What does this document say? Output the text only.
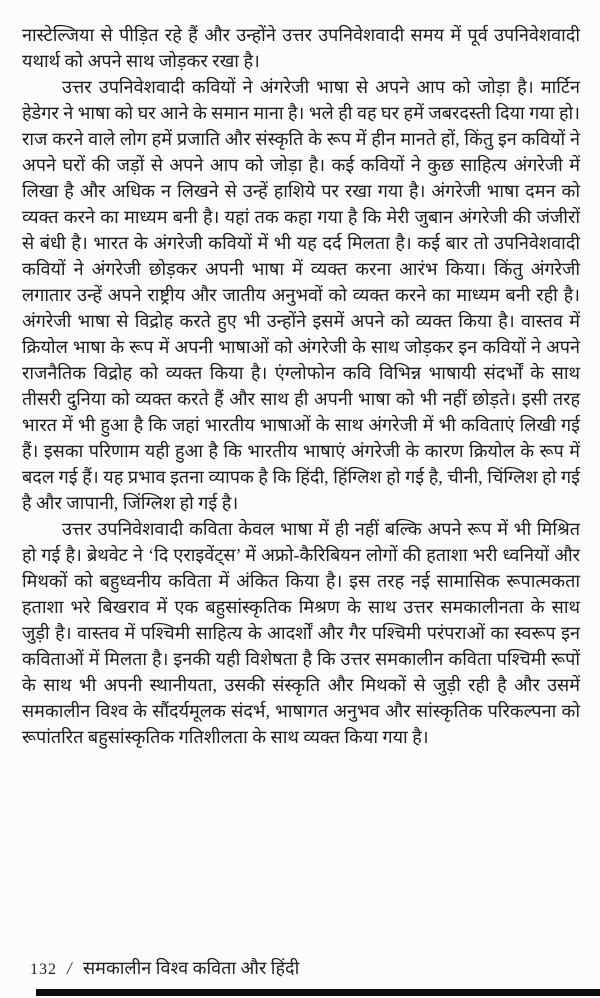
नास्टेल्जिया से पीड़ित रहे हैं और उन्होंने उत्तर उपनिवेशवादी समय में पूर्व उपनिवेशवादी यथार्थ को अपने साथ जोड़कर रखा है।

उत्तर उपनिवेशवादी कवियों ने अंगरेजी भाषा से अपने आप को जोड़ा है। मार्टिन हेडेगर ने भाषा को घर आने के समान माना है। भले ही वह घर हमें जबरदस्ती दिया गया हो। राज करने वाले लोग हमें प्रजाति और संस्कृति के रूप में हीन मानते हों, किंतु इन कवियों ने अपने घरों की जड़ों से अपने आप को जोड़ा है। कई कवियों ने कुछ साहित्य अंगरेजी में लिखा है और अधिक न लिखने से उन्हें हाशिये पर रखा गया है। अंगरेजी भाषा दमन को व्यक्त करने का माध्यम बनी है। यहां तक कहा गया है कि मेरी जुबान अंगरेजी की जंजीरों से बंधी है। भारत के अंगरेजी कवियों में भी यह दर्द मिलता है। कई बार तो उपनिवेशवादी कवियों ने अंगरेजी छोड़कर अपनी भाषा में व्यक्त करना आरंभ किया। किंतु अंगरेजी लगातार उन्हें अपने राष्ट्रीय और जातीय अनुभवों को व्यक्त करने का माध्यम बनी रही है। अंगरेजी भाषा से विद्रोह करते हुए भी उन्होंने इसमें अपने को व्यक्त किया है। वास्तव में क्रियोल भाषा के रूप में अपनी भाषाओं को अंगरेजी के साथ जोड़कर इन कवियों ने अपने राजनैतिक विद्रोह को व्यक्त किया है। एंग्लोफोन कवि विभिन्न भाषायी संदर्भों के साथ तीसरी दुनिया को व्यक्त करते हैं और साथ ही अपनी भाषा को भी नहीं छोड़ते। इसी तरह भारत में भी हुआ है कि जहां भारतीय भाषाओं के साथ अंगरेजी में भी कविताएं लिखी गई हैं। इसका परिणाम यही हुआ है कि भारतीय भाषाएं अंगरेजी के कारण क्रियोल के रूप में बदल गई हैं। यह प्रभाव इतना व्यापक है कि हिंदी, हिंग्लिश हो गई है, चीनी, चिंग्लिश हो गई है और जापानी, जिंग्लिश हो गई है।

उत्तर उपनिवेशवादी कविता केवल भाषा में ही नहीं बल्कि अपने रूप में भी मिश्रित हो गई है। ब्रेथवेट ने ‘दि एराइवेंट्स’ में अफ्रो-कैरिबियन लोगों की हताशा भरी ध्वनियों और मिथकों को बहुध्वनीय कविता में अंकित किया है। इस तरह नई सामासिक रूपात्मकता हताशा भरे बिखराव में एक बहुसांस्कृतिक मिश्रण के साथ उत्तर समकालीनता के साथ जुड़ी है। वास्तव में पश्चिमी साहित्य के आदर्शों और गैर पश्चिमी परंपराओं का स्वरूप इन कविताओं में मिलता है। इनकी यही विशेषता है कि उत्तर समकालीन कविता पश्चिमी रूपों के साथ भी अपनी स्थानीयता, उसकी संस्कृति और मिथकों से जुड़ी रही है और उसमें समकालीन विश्व के सौंदर्यमूलक संदर्भ, भाषागत अनुभव और सांस्कृतिक परिकल्पना को रूपांतरित बहुसांस्कृतिक गतिशीलता के साथ व्यक्त किया गया है।

132 / समकालीन विश्व कविता और हिंदी
